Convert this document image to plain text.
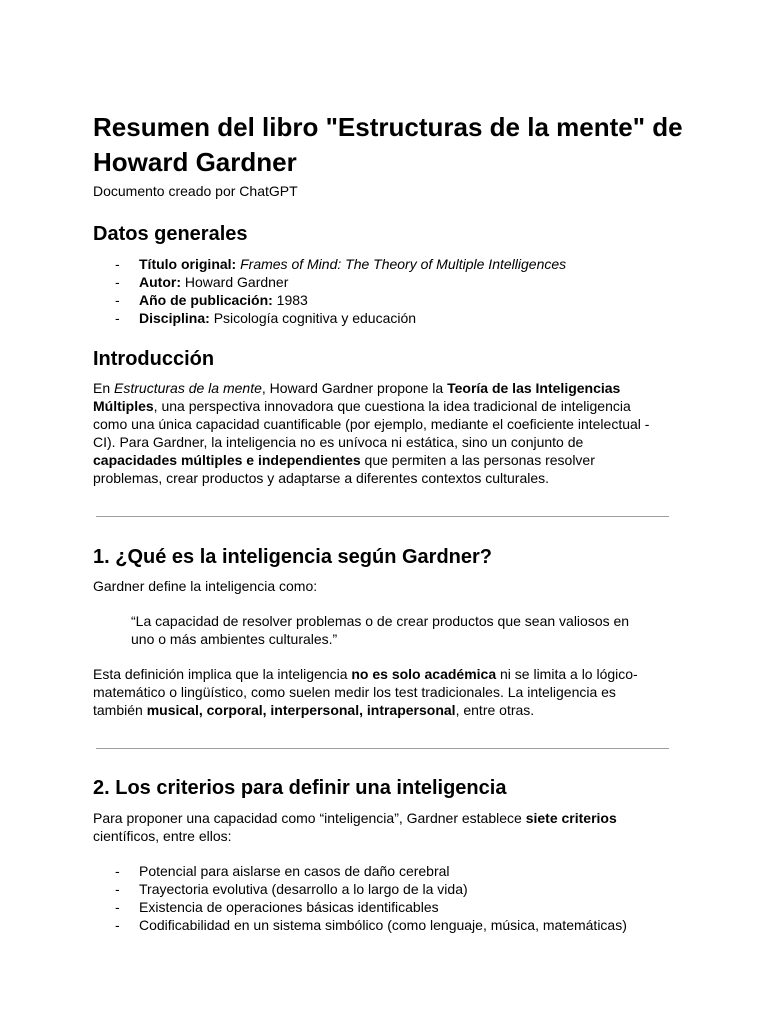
Resumen del libro "Estructuras de la mente" de Howard Gardner
Documento creado por ChatGPT
Datos generales
- Título original: Frames of Mind: The Theory of Multiple Intelligences
- Autor: Howard Gardner
- Año de publicación: 1983
- Disciplina: Psicología cognitiva y educación
Introducción

En Estructuras de la mente, Howard Gardner propone la Teoría de las Inteligencias Múltiples, una perspectiva innovadora que cuestiona la idea tradicional de inteligencia como una única capacidad cuantificable (por ejemplo, mediante el coeficiente intelectual - CI). Para Gardner, la inteligencia no es unívoca ni estática, sino un conjunto de capacidades múltiples e independientes que permiten a las personas resolver problemas, crear productos y adaptarse a diferentes contextos culturales.

1. ¿Qué es la inteligencia según Gardner?

Gardner define la inteligencia como:

“La capacidad de resolver problemas o de crear productos que sean valiosos en uno o más ambientes culturales.”

Esta definición implica que la inteligencia no es solo académica ni se limita a lo lógico-matemático o lingüístico, como suelen medir los test tradicionales. La inteligencia es también musical, corporal, interpersonal, intrapersonal, entre otras.

2. Los criterios para definir una inteligencia

Para proponer una capacidad como “inteligencia”, Gardner establece siete criterios científicos, entre ellos:

- Potencial para aislarse en casos de daño cerebral
- Trayectoria evolutiva (desarrollo a lo largo de la vida)
- Existencia de operaciones básicas identificables
- Codificabilidad en un sistema simbólico (como lenguaje, música, matemáticas)
